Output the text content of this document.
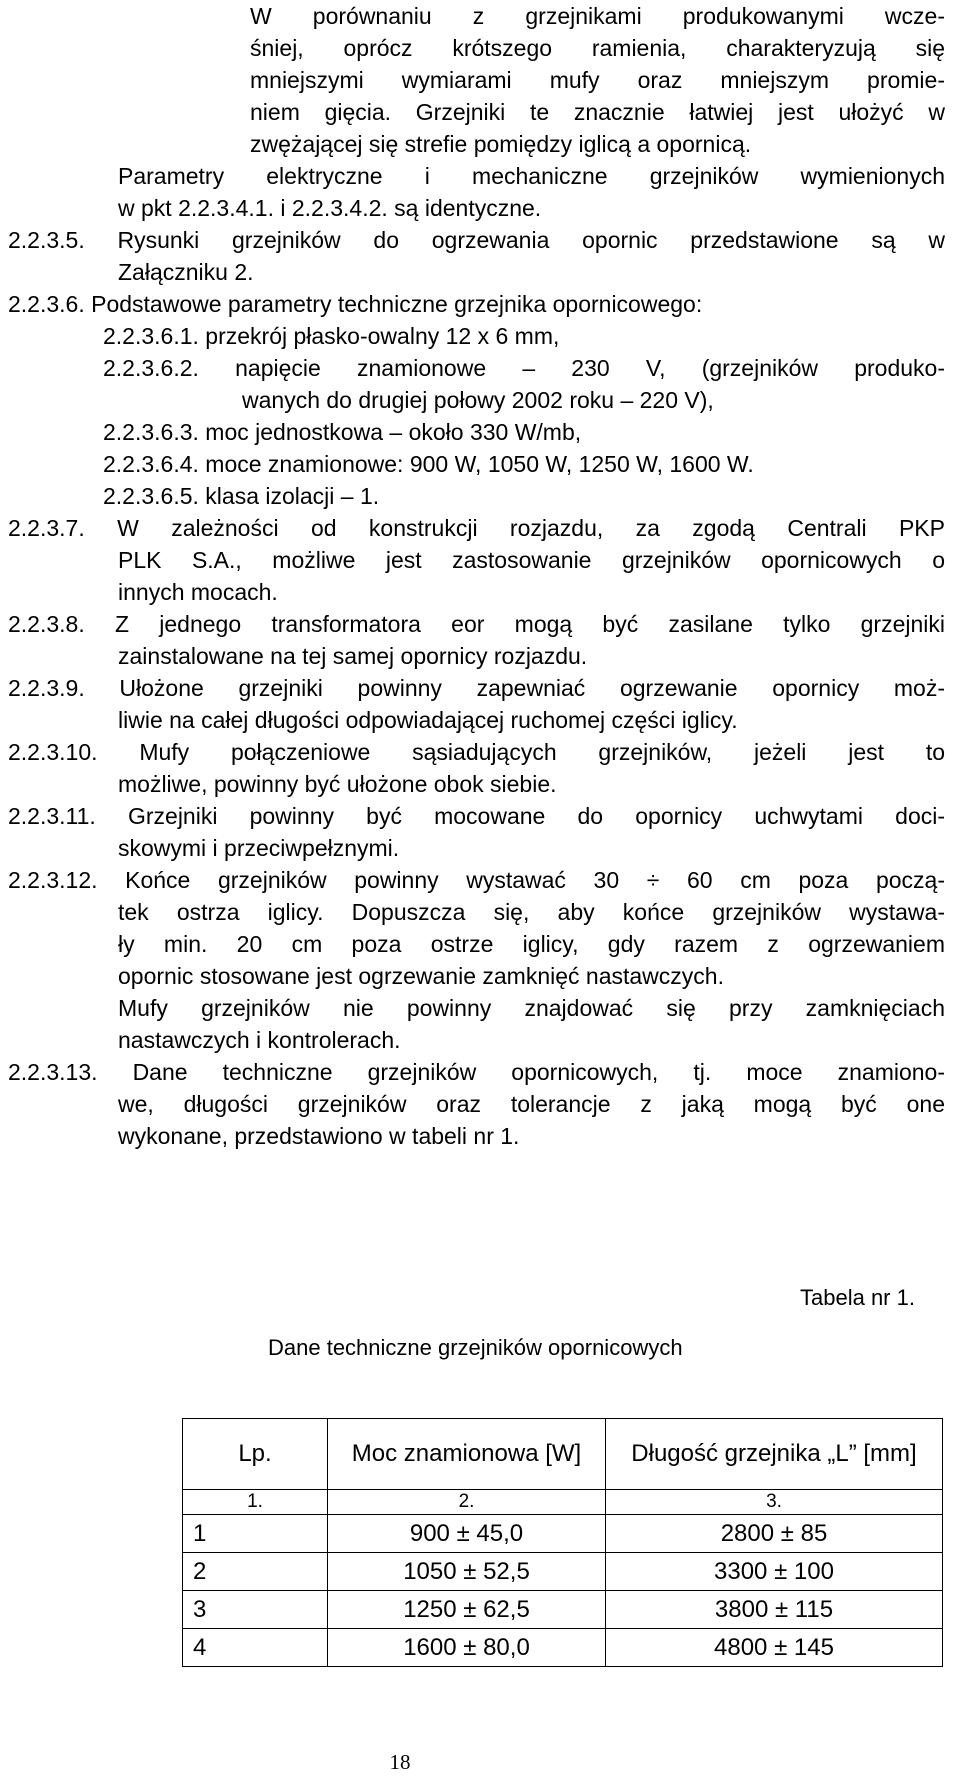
W porównaniu z grzejnikami produkowanymi wcze-
śniej, oprócz krótszego ramienia, charakteryzują się
mniejszymi wymiarami mufy oraz mniejszym promie-
niem gięcia. Grzejniki te znacznie łatwiej jest ułożyć w
zwężającej się strefie pomiędzy iglicą a opornicą.
Parametry elektryczne i mechaniczne grzejników wymienionych
w pkt 2.2.3.4.1. i 2.2.3.4.2. są identyczne.
2.2.3.5. Rysunki grzejników do ogrzewania opornic przedstawione są w
Załączniku 2.
2.2.3.6. Podstawowe parametry techniczne grzejnika opornicowego:
2.2.3.6.1. przekrój płasko-owalny 12 x 6 mm,
2.2.3.6.2. napięcie znamionowe – 230 V, (grzejników produko-
wanych do drugiej połowy 2002 roku – 220 V),
2.2.3.6.3. moc jednostkowa – około 330 W/mb,
2.2.3.6.4. moce znamionowe: 900 W, 1050 W, 1250 W, 1600 W.
2.2.3.6.5. klasa izolacji – 1.
2.2.3.7. W zależności od konstrukcji rozjazdu, za zgodą Centrali PKP
PLK S.A., możliwe jest zastosowanie grzejników opornicowych o
innych mocach.
2.2.3.8. Z jednego transformatora eor mogą być zasilane tylko grzejniki
zainstalowane na tej samej opornicy rozjazdu.
2.2.3.9. Ułożone grzejniki powinny zapewniać ogrzewanie opornicy moż-
liwie na całej długości odpowiadającej ruchomej części iglicy.
2.2.3.10. Mufy połączeniowe sąsiadujących grzejników, jeżeli jest to
możliwe, powinny być ułożone obok siebie.
2.2.3.11. Grzejniki powinny być mocowane do opornicy uchwytami doci-
skowymi i przeciwpełznymi.
2.2.3.12. Końce grzejników powinny wystawać 30 ÷ 60 cm poza począ-
tek ostrza iglicy. Dopuszcza się, aby końce grzejników wystawa-
ły min. 20 cm poza ostrze iglicy, gdy razem z ogrzewaniem
opornic stosowane jest ogrzewanie zamknięć nastawczych.
Mufy grzejników nie powinny znajdować się przy zamknięciach
nastawczych i kontrolerach.
2.2.3.13. Dane techniczne grzejników opornicowych, tj. moce znamiono-
we, długości grzejników oraz tolerancje z jaką mogą być one
wykonane, przedstawiono w tabeli nr 1.
Tabela nr 1.
Dane techniczne grzejników opornicowych
Lp.	Moc znamionowa [W]	Długość grzejnika „L” [mm]
1.	2.	3.
1	900 ± 45,0	2800 ± 85
2	1050 ± 52,5	3300 ± 100
3	1250 ± 62,5	3800 ± 115
4	1600 ± 80,0	4800 ± 145
18
